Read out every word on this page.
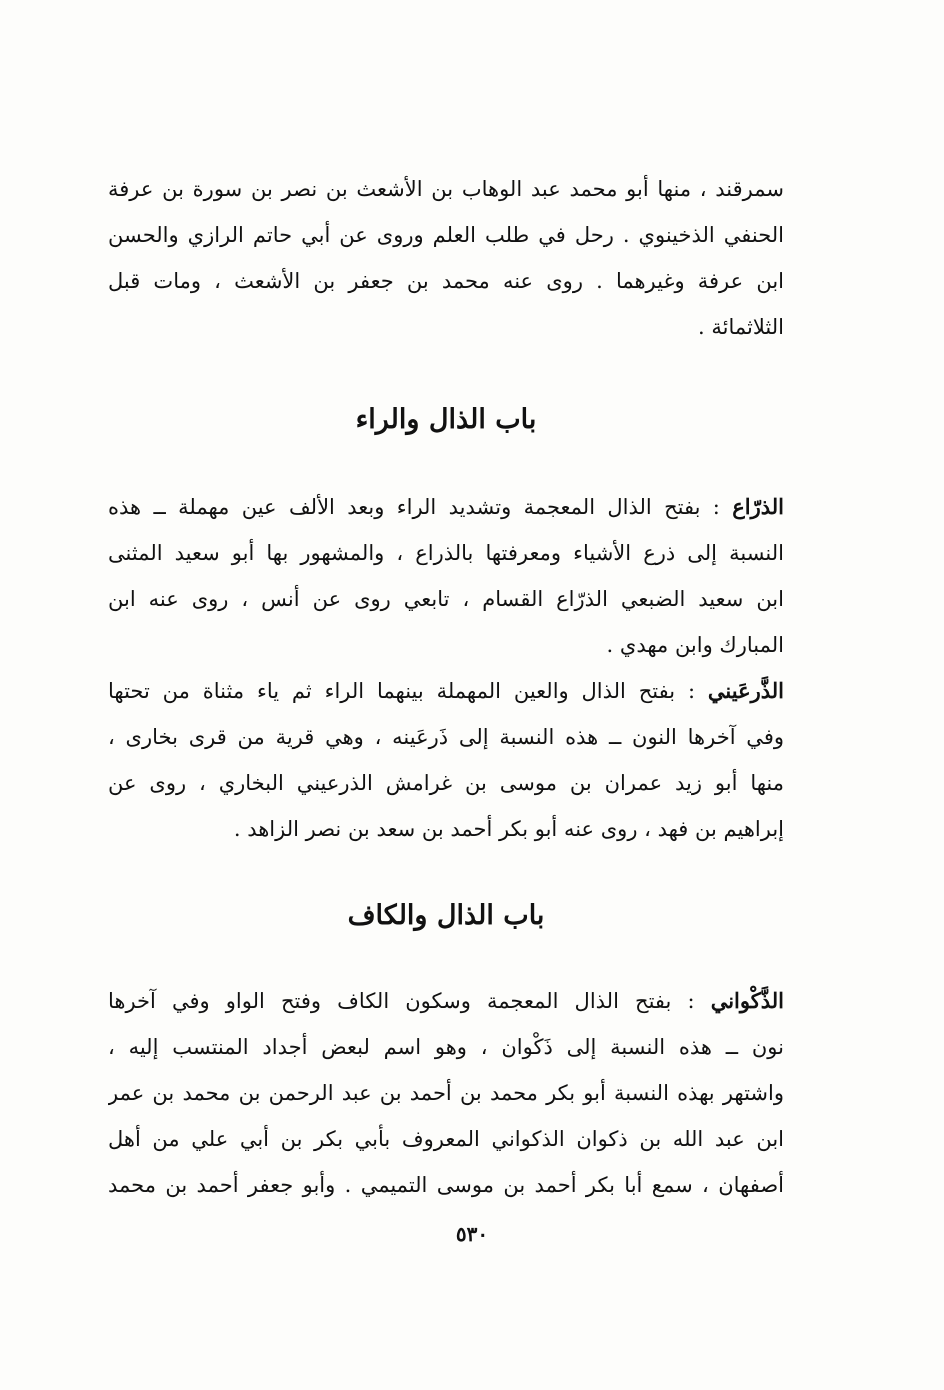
سمرقند ، منها أبو محمد عبد الوهاب بن الأشعث بن نصر بن سورة بن عرفة
الحنفي الذخينوي . رحل في طلب العلم وروى عن أبي حاتم الرازي والحسن
ابن عرفة وغيرهما . روى عنه محمد بن جعفر بن الأشعث ، ومات قبل
الثلاثمائة .
باب الذال والراء
الذرّاع : بفتح الذال المعجمة وتشديد الراء وبعد الألف عين مهملة ــ هذه
النسبة إلى ذرع الأشياء ومعرفتها بالذراع ، والمشهور بها أبو سعيد المثنى
ابن سعيد الضبعي الذرّاع القسام ، تابعي روى عن أنس ، روى عنه ابن
المبارك وابن مهدي .
الذَّرعَيني : بفتح الذال والعين المهملة بينهما الراء ثم ياء مثناة من تحتها
وفي آخرها النون ــ هذه النسبة إلى ذَرعَينه ، وهي قرية من قرى بخارى ،
منها أبو زيد عمران بن موسى بن غرامش الذرعيني البخاري ، روى عن
إبراهيم بن فهد ، روى عنه أبو بكر أحمد بن سعد بن نصر الزاهد .
باب الذال والكاف
الذَّكْواني : بفتح الذال المعجمة وسكون الكاف وفتح الواو وفي آخرها
نون ــ هذه النسبة إلى ذَكْوان ، وهو اسم لبعض أجداد المنتسب إليه ،
واشتهر بهذه النسبة أبو بكر محمد بن أحمد بن عبد الرحمن بن محمد بن عمر
ابن عبد الله بن ذكوان الذكواني المعروف بأبي بكر بن أبي علي من أهل
أصفهان ، سمع أبا بكر أحمد بن موسى التميمي . وأبو جعفر أحمد بن محمد
٥٣٠
